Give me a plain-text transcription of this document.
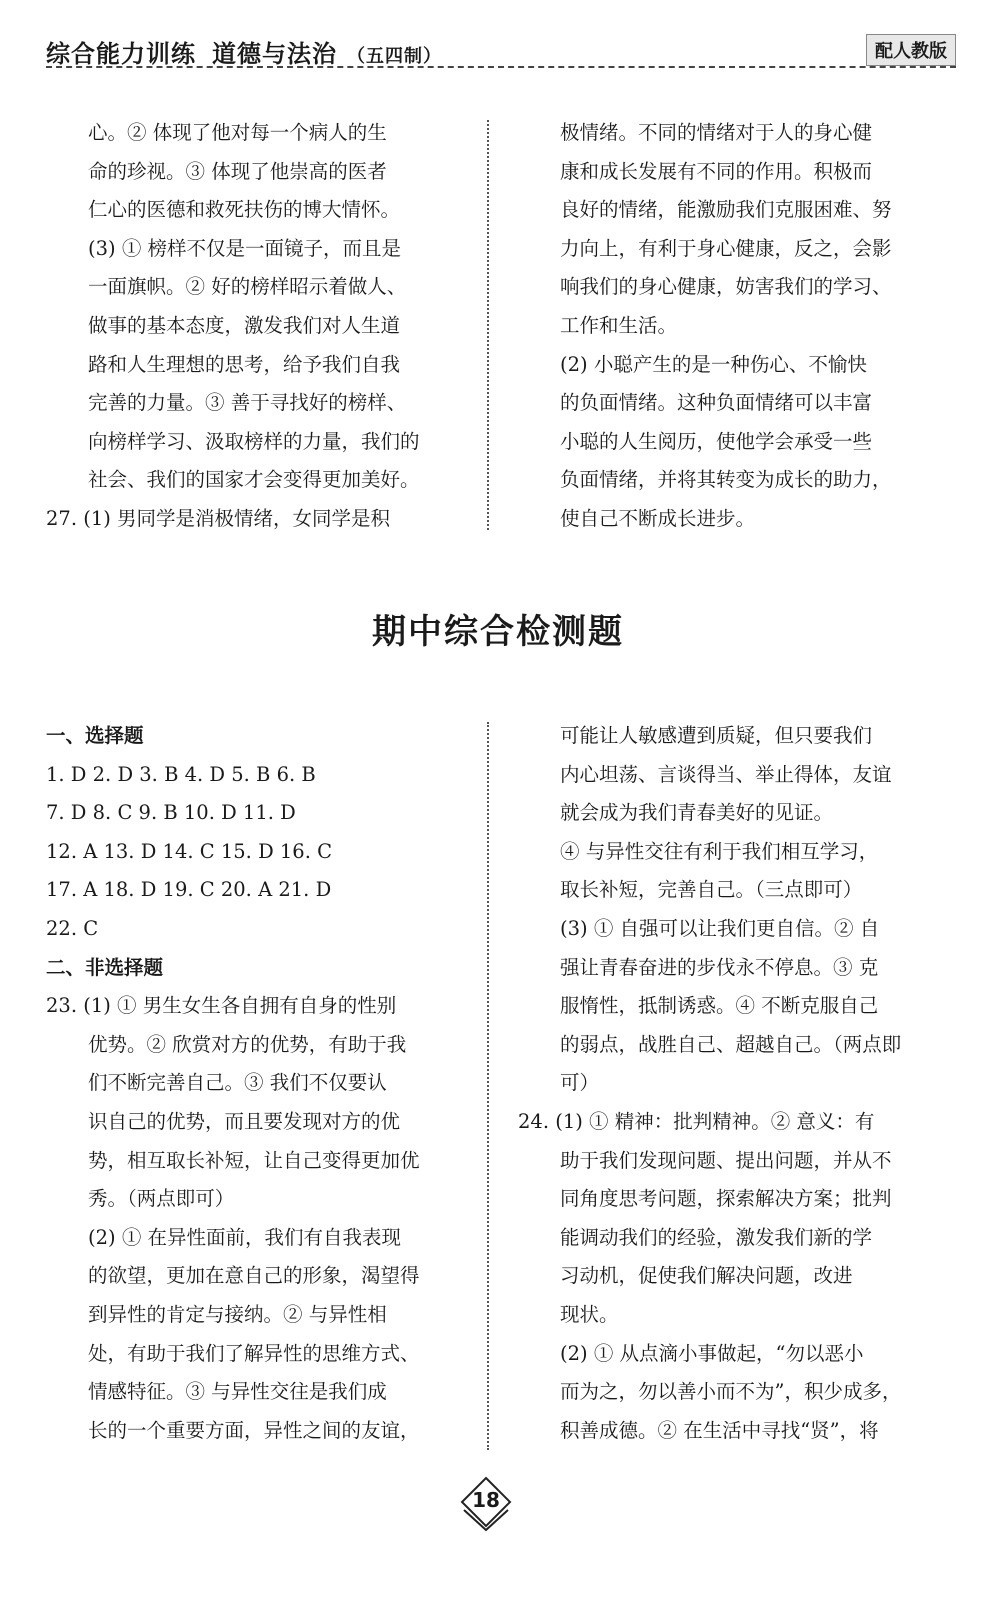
综合能力训练 道德与法治 （五四制）	配人教版
心。② 体现了他对每一个病人的生
命的珍视。③ 体现了他崇高的医者
仁心的医德和救死扶伤的博大情怀。
(3) ① 榜样不仅是一面镜子，而且是
一面旗帜。② 好的榜样昭示着做人、
做事的基本态度，激发我们对人生道
路和人生理想的思考，给予我们自我
完善的力量。③ 善于寻找好的榜样、
向榜样学习、汲取榜样的力量，我们的
社会、我们的国家才会变得更加美好。
27. (1) 男同学是消极情绪，女同学是积
极情绪。不同的情绪对于人的身心健
康和成长发展有不同的作用。积极而
良好的情绪，能激励我们克服困难、努
力向上，有利于身心健康，反之，会影
响我们的身心健康，妨害我们的学习、
工作和生活。
(2) 小聪产生的是一种伤心、不愉快
的负面情绪。这种负面情绪可以丰富
小聪的人生阅历，使他学会承受一些
负面情绪，并将其转变为成长的助力，
使自己不断成长进步。
期中综合检测题
一、选择题
1. D 2. D 3. B 4. D 5. B 6. B
7. D 8. C 9. B 10. D 11. D
12. A 13. D 14. C 15. D 16. C
17. A 18. D 19. C 20. A 21. D
22. C
二、非选择题
23. (1) ① 男生女生各自拥有自身的性别
优势。② 欣赏对方的优势，有助于我
们不断完善自己。③ 我们不仅要认
识自己的优势，而且要发现对方的优
势，相互取长补短，让自己变得更加优
秀。（两点即可）
(2) ① 在异性面前，我们有自我表现
的欲望，更加在意自己的形象，渴望得
到异性的肯定与接纳。② 与异性相
处，有助于我们了解异性的思维方式、
情感特征。③ 与异性交往是我们成
长的一个重要方面，异性之间的友谊，
可能让人敏感遭到质疑，但只要我们
内心坦荡、言谈得当、举止得体，友谊
就会成为我们青春美好的见证。
④ 与异性交往有利于我们相互学习，
取长补短，完善自己。（三点即可）
(3) ① 自强可以让我们更自信。② 自
强让青春奋进的步伐永不停息。③ 克
服惰性，抵制诱惑。④ 不断克服自己
的弱点，战胜自己、超越自己。（两点即
可）
24. (1) ① 精神：批判精神。② 意义：有
助于我们发现问题、提出问题，并从不
同角度思考问题，探索解决方案；批判
能调动我们的经验，激发我们新的学
习动机，促使我们解决问题，改进
现状。
(2) ① 从点滴小事做起，“勿以恶小
而为之，勿以善小而不为”，积少成多，
积善成德。② 在生活中寻找“贤”，将
18
